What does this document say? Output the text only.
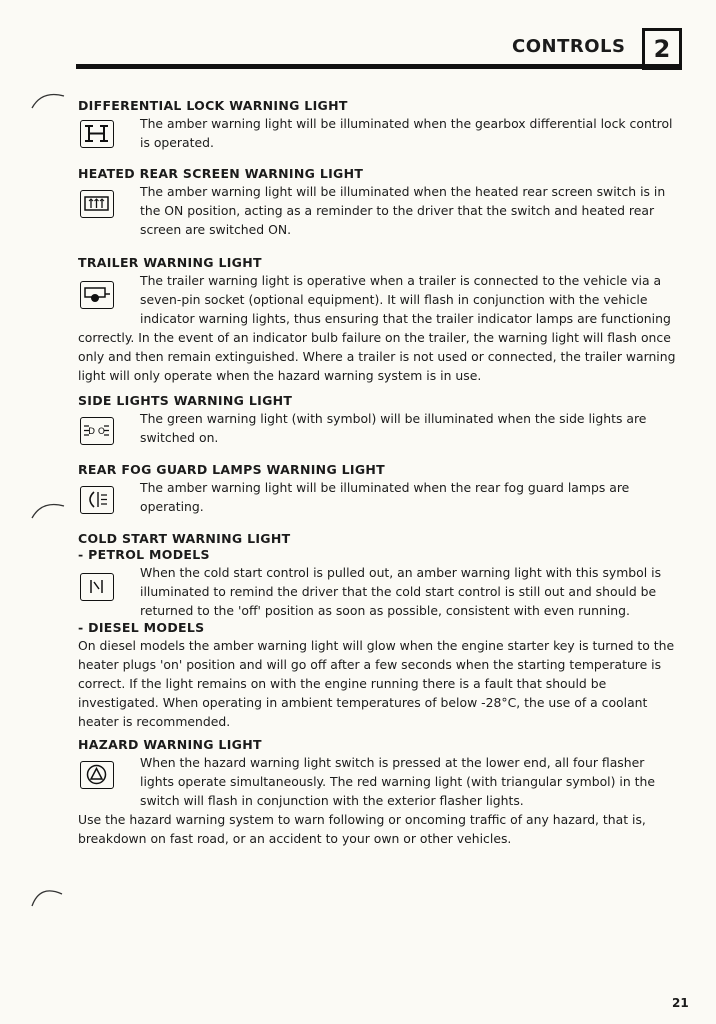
CONTROLS	2
DIFFERENTIAL LOCK WARNING LIGHT
The amber warning light will be illuminated when the gearbox differential lock control is operated.
HEATED REAR SCREEN WARNING LIGHT
The amber warning light will be illuminated when the heated rear screen switch is in the ON position, acting as a reminder to the driver that the switch and heated rear screen are switched ON.
TRAILER WARNING LIGHT
The trailer warning light is operative when a trailer is connected to the vehicle via a seven-pin socket (optional equipment). It will flash in conjunction with the vehicle indicator warning lights, thus ensuring that the trailer indicator lamps are functioning
correctly. In the event of an indicator bulb failure on the trailer, the warning light will flash once only and then remain extinguished. Where a trailer is not used or connected, the trailer warning light will only operate when the hazard warning system is in use.
SIDE LIGHTS WARNING LIGHT
D O
The green warning light (with symbol) will be illuminated when the side lights are switched on.
REAR FOG GUARD LAMPS WARNING LIGHT
The amber warning light will be illuminated when the rear fog guard lamps are operating.
COLD START WARNING LIGHT
- PETROL MODELS
When the cold start control is pulled out, an amber warning light with this symbol is illuminated to remind the driver that the cold start control is still out and should be returned to the 'off' position as soon as possible, consistent with even running.
- DIESEL MODELS
On diesel models the amber warning light will glow when the engine starter key is turned to the heater plugs 'on' position and will go off after a few seconds when the starting temperature is correct. If the light remains on with the engine running there is a fault that should be investigated. When operating in ambient temperatures of below -28°C, the use of a coolant heater is recommended.
HAZARD WARNING LIGHT
When the hazard warning light switch is pressed at the lower end, all four flasher lights operate simultaneously. The red warning light (with triangular symbol) in the switch will flash in conjunction with the exterior flasher lights.
Use the hazard warning system to warn following or oncoming traffic of any hazard, that is, breakdown on fast road, or an accident to your own or other vehicles.
21
